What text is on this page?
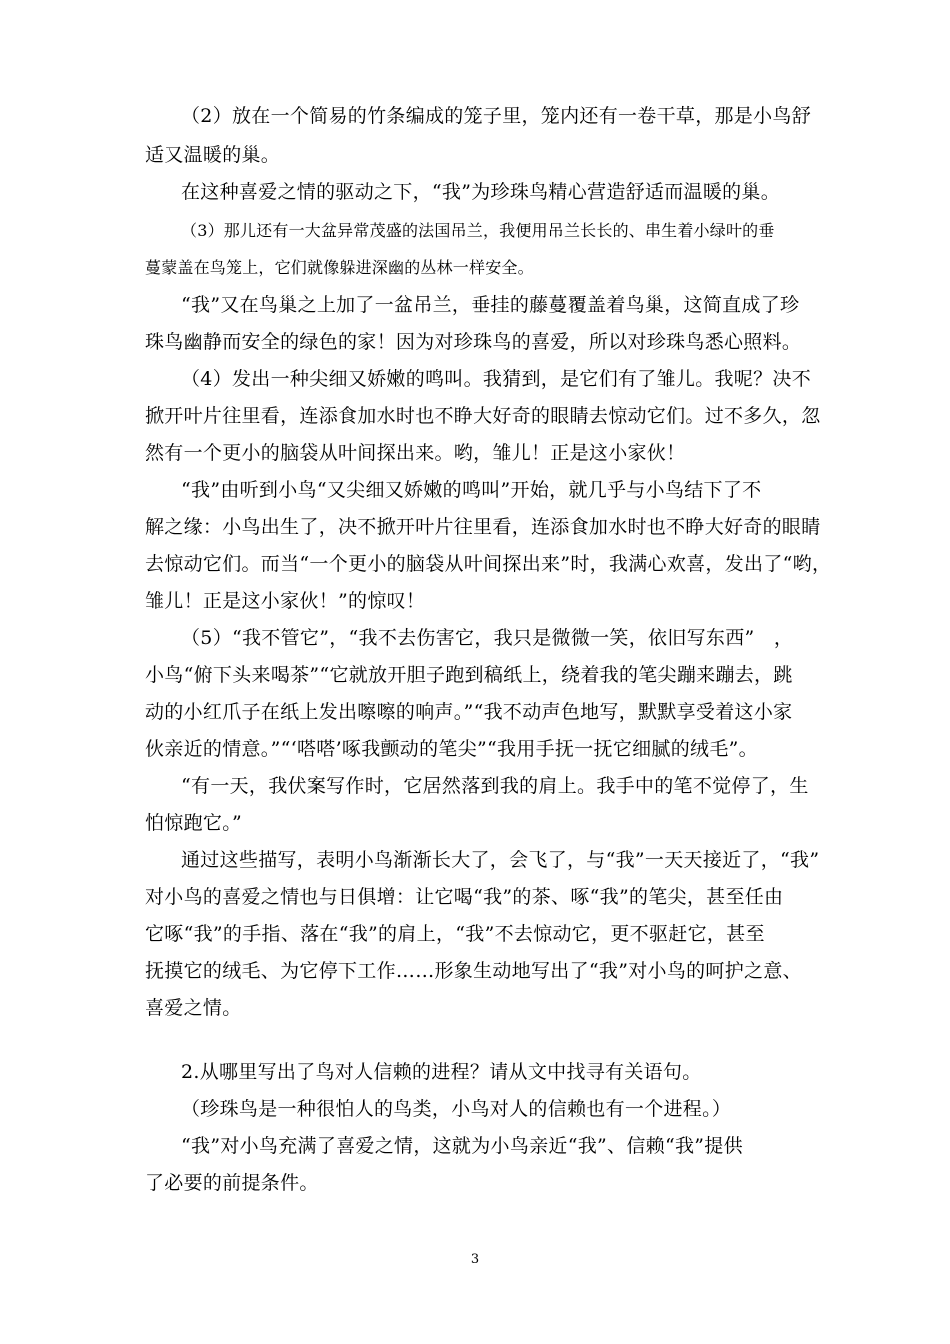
（2）放在一个简易的竹条编成的笼子里，笼内还有一卷干草，那是小鸟舒
适又温暖的巢。
在这种喜爱之情的驱动之下，“我”为珍珠鸟精心营造舒适而温暖的巢。
（3）那儿还有一大盆异常茂盛的法国吊兰，我便用吊兰长长的、串生着小绿叶的垂
蔓蒙盖在鸟笼上，它们就像躲进深幽的丛林一样安全。
“我”又在鸟巢之上加了一盆吊兰，垂挂的藤蔓覆盖着鸟巢，这简直成了珍
珠鸟幽静而安全的绿色的家！因为对珍珠鸟的喜爱，所以对珍珠鸟悉心照料。
（4）发出一种尖细又娇嫩的鸣叫。我猜到，是它们有了雏儿。我呢？决不
掀开叶片往里看，连添食加水时也不睁大好奇的眼睛去惊动它们。过不多久，忽
然有一个更小的脑袋从叶间探出来。哟，雏儿！正是这小家伙！
“我”由听到小鸟“又尖细又娇嫩的鸣叫”开始，就几乎与小鸟结下了不
解之缘：小鸟出生了，决不掀开叶片往里看，连添食加水时也不睁大好奇的眼睛
去惊动它们。而当“一个更小的脑袋从叶间探出来”时，我满心欢喜，发出了“哟，
雏儿！正是这小家伙！”的惊叹！
（5）“我不管它”，“我不去伤害它，我只是微微一笑，依旧写东西”　，
小鸟“俯下头来喝茶”“它就放开胆子跑到稿纸上，绕着我的笔尖蹦来蹦去，跳
动的小红爪子在纸上发出嚓嚓的响声。”“我不动声色地写，默默享受着这小家
伙亲近的情意。”“‘嗒嗒’啄我颤动的笔尖”“我用手抚一抚它细腻的绒毛”。
“有一天，我伏案写作时，它居然落到我的肩上。我手中的笔不觉停了，生
怕惊跑它。”
通过这些描写，表明小鸟渐渐长大了，会飞了，与“我”一天天接近了，“我”
对小鸟的喜爱之情也与日俱增：让它喝“我”的茶、啄“我”的笔尖，甚至任由
它啄“我”的手指、落在“我”的肩上，“我”不去惊动它，更不驱赶它，甚至
抚摸它的绒毛、为它停下工作……形象生动地写出了“我”对小鸟的呵护之意、
喜爱之情。
2.从哪里写出了鸟对人信赖的进程？请从文中找寻有关语句。
（珍珠鸟是一种很怕人的鸟类，小鸟对人的信赖也有一个进程。）
“我”对小鸟充满了喜爱之情，这就为小鸟亲近“我”、信赖“我”提供
了必要的前提条件。
3
